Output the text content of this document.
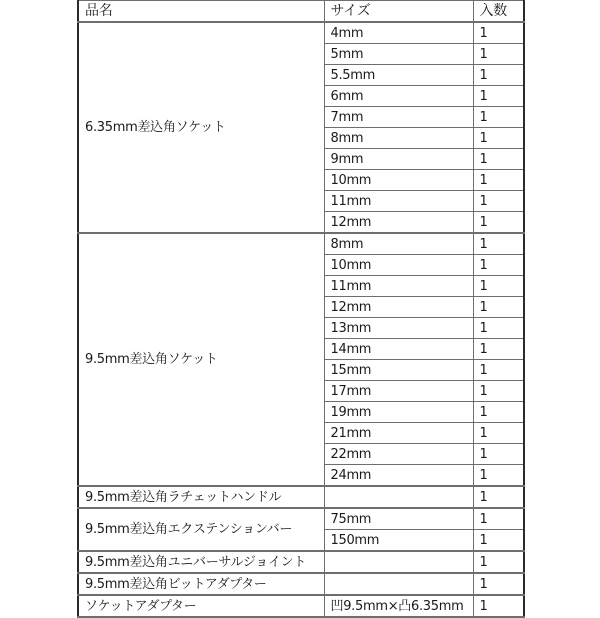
品名	サイズ	入数
6.35mm差込角ソケット	4mm	1
	5mm	1
	5.5mm	1
	6mm	1
	7mm	1
	8mm	1
	9mm	1
	10mm	1
	11mm	1
	12mm	1
9.5mm差込角ソケット	8mm	1
	10mm	1
	11mm	1
	12mm	1
	13mm	1
	14mm	1
	15mm	1
	17mm	1
	19mm	1
	21mm	1
	22mm	1
	24mm	1
9.5mm差込角ラチェットハンドル		1
9.5mm差込角エクステンションバー	75mm	1
	150mm	1
9.5mm差込角ユニバーサルジョイント		1
9.5mm差込角ビットアダプター		1
ソケットアダプター	凹9.5mm×凸6.35mm	1
